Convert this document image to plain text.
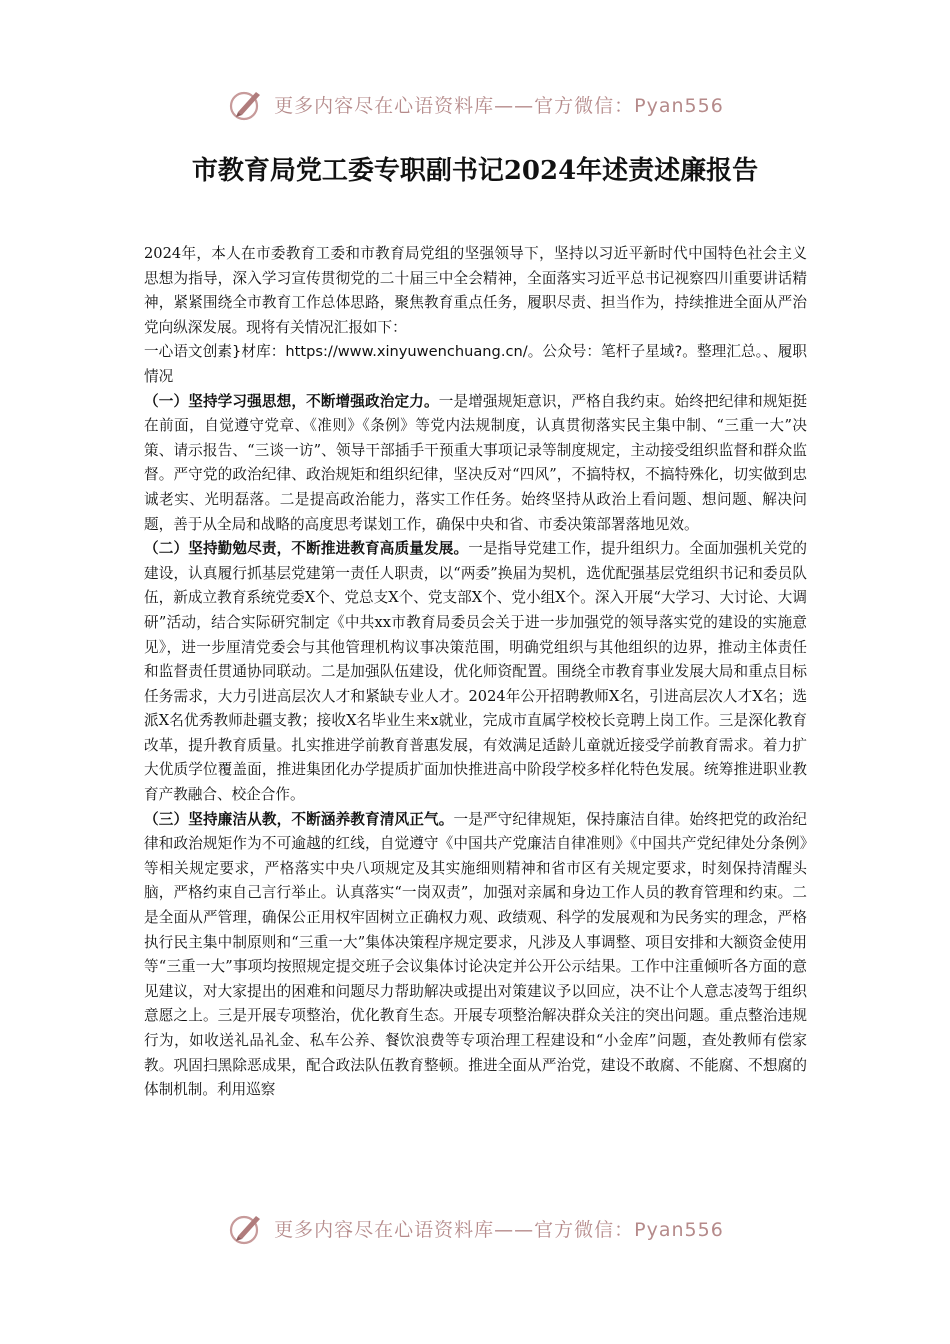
更多内容尽在心语资料库——官方微信：Pyan556
市教育局党工委专职副书记2024年述责述廉报告

2024年，本人在市委教育工委和市教育局党组的坚强领导下，坚持以习近平新时代中国特色社会主义思想为指导，深入学习宣传贯彻党的二十届三中全会精神，全面落实习近平总书记视察四川重要讲话精神，紧紧围绕全市教育工作总体思路，聚焦教育重点任务，履职尽责、担当作为，持续推进全面从严治党向纵深发展。现将有关情况汇报如下：

一心语文创素}材库：https://www.xinyuwenchuang.cn/。公众号：笔杆子星域?。整理汇总。、履职情况

（一）坚持学习强思想，不断增强政治定力。一是增强规矩意识，严格自我约束。始终把纪律和规矩挺在前面，自觉遵守党章、《准则》《条例》等党内法规制度，认真贯彻落实民主集中制、“三重一大”决策、请示报告、“三谈一访”、领导干部插手干预重大事项记录等制度规定，主动接受组织监督和群众监督。严守党的政治纪律、政治规矩和组织纪律，坚决反对“四风”，不搞特权，不搞特殊化，切实做到忠诚老实、光明磊落。二是提高政治能力，落实工作任务。始终坚持从政治上看问题、想问题、解决问题，善于从全局和战略的高度思考谋划工作，确保中央和省、市委决策部署落地见效。

（二）坚持勤勉尽责，不断推进教育高质量发展。一是指导党建工作，提升组织力。全面加强机关党的建设，认真履行抓基层党建第一责任人职责，以“两委”换届为契机，选优配强基层党组织书记和委员队伍，新成立教育系统党委X个、党总支X个、党支部X个、党小组X个。深入开展“大学习、大讨论、大调研”活动，结合实际研究制定《中共xx市教育局委员会关于进一步加强党的领导落实党的建设的实施意见》，进一步厘清党委会与其他管理机构议事决策范围，明确党组织与其他组织的边界，推动主体责任和监督责任贯通协同联动。二是加强队伍建设，优化师资配置。围绕全市教育事业发展大局和重点目标任务需求，大力引进高层次人才和紧缺专业人才。2024年公开招聘教师X名，引进高层次人才X名；选派X名优秀教师赴疆支教；接收X名毕业生来x就业，完成市直属学校校长竞聘上岗工作。三是深化教育改革，提升教育质量。扎实推进学前教育普惠发展，有效满足适龄儿童就近接受学前教育需求。着力扩大优质学位覆盖面，推进集团化办学提质扩面加快推进高中阶段学校多样化特色发展。统筹推进职业教育产教融合、校企合作。

（三）坚持廉洁从教，不断涵养教育清风正气。一是严守纪律规矩，保持廉洁自律。始终把党的政治纪律和政治规矩作为不可逾越的红线，自觉遵守《中国共产党廉洁自律准则》《中国共产党纪律处分条例》等相关规定要求，严格落实中央八项规定及其实施细则精神和省市区有关规定要求，时刻保持清醒头脑，严格约束自己言行举止。认真落实“一岗双责”，加强对亲属和身边工作人员的教育管理和约束。二是全面从严管理，确保公正用权牢固树立正确权力观、政绩观、科学的发展观和为民务实的理念，严格执行民主集中制原则和“三重一大”集体决策程序规定要求，凡涉及人事调整、项目安排和大额资金使用等“三重一大”事项均按照规定提交班子会议集体讨论决定并公开公示结果。工作中注重倾听各方面的意见建议，对大家提出的困难和问题尽力帮助解决或提出对策建议予以回应，决不让个人意志凌驾于组织意愿之上。三是开展专项整治，优化教育生态。开展专项整治解决群众关注的突出问题。重点整治违规行为，如收送礼品礼金、私车公养、餐饮浪费等专项治理工程建设和“小金库”问题，查处教师有偿家教。巩固扫黑除恶成果，配合政法队伍教育整顿。推进全面从严治党，建设不敢腐、不能腐、不想腐的体制机制。利用巡察

更多内容尽在心语资料库——官方微信：Pyan556
